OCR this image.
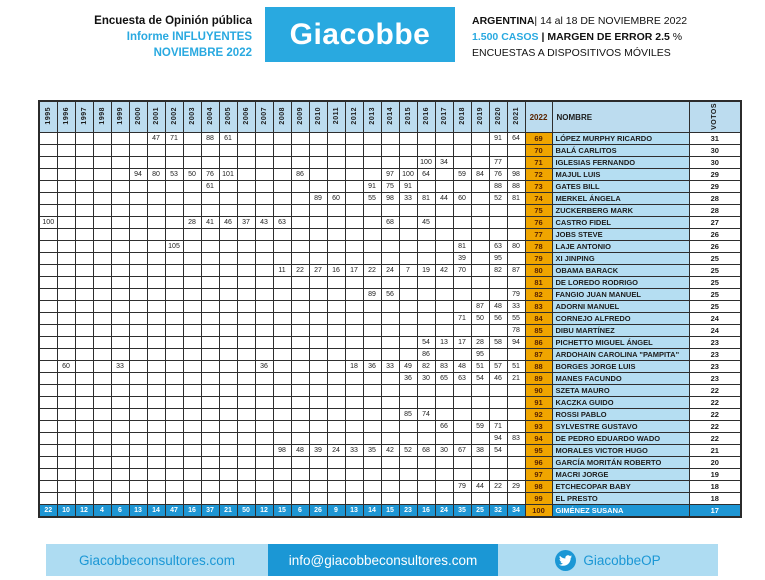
Encuesta de Opinión pública
Informe INFLUYENTES
NOVIEMBRE 2022
Giacobbe	ARGENTINA| 14 al 18 DE NOVIEMBRE 2022
1.500 CASOS | MARGEN DE ERROR 2.5 %
ENCUESTAS A DISPOSITIVOS MÓVILES
1995	1996	1997	1998	1999	2000	2001	2002	2003	2004	2005	2006	2007	2008	2009	2010	2011	2012	2013	2014	2015	2016	2017	2018	2019	2020	2021	2022	NOMBRE	VOTOS
						47	71		88	61															91	64	69	LÓPEZ MURPHY RICARDO	31
																											70	BALÁ CARLITOS	30
																					100	34			77		71	IGLESIAS FERNANDO	30
					94	80	53	50	76	101				86					97	100	64		59	84	76	98	72	MAJUL LUIS	29
									61									91	75	91					88	88	73	GATES BILL	29
															89	60		55	98	33	81	44	60		52	81	74	MERKEL ÁNGELA	28
																											75	ZUCKERBERG MARK	28
100								28	41	46	37	43	63						68		45						76	CASTRO FIDEL	27
																											77	JOBS STEVE	26
							105																81		63	80	78	LAJE ANTONIO	26
																							39		95		79	XI JINPING	25
													11	22	27	16	17	22	24	7	19	42	70		82	87	80	OBAMA BARACK	25
																											81	DE LOREDO RODRIGO	25
																		89	56							79	82	FANGIO JUAN MANUEL	25
																								87	48	33	83	ADORNI MANUEL	25
																							71	50	56	55	84	CORNEJO ALFREDO	24
																										78	85	DIBU MARTÍNEZ	24
																					54	13	17	28	58	94	86	PICHETTO MIGUEL ÁNGEL	23
																					86			95			87	ARDOHAIN CAROLINA "PAMPITA"	23
	60			33								36					18	36	33	49	82	83	48	51	57	51	88	BORGES JORGE LUIS	23
																				36	30	65	63	54	46	21	89	MANES FACUNDO	23
																											90	SZETA MAURO	22
																											91	KACZKA GUIDO	22
																				85	74						92	ROSSI PABLO	22
																						66		59	71		93	SYLVESTRE GUSTAVO	22
																									94	83	94	DE PEDRO EDUARDO WADO	22
													98	48	39	24	33	35	42	52	68	30	67	38	54		95	MORALES VICTOR HUGO	21
																											96	GARCÍA MORITÁN ROBERTO	20
																											97	MACRI JORGE	19
																							79	44	22	29	98	ETCHECOPAR BABY	18
																											99	EL PRESTO	18
22	10	12	4	6	13	14	47	16	37	21	50	12	15	6	26	9	13	14	15	23	16	24	35	25	32	34	100	GIMÉNEZ SUSANA	17
Giacobbeconsultores.com	info@giacobbeconsultores.com	GiacobbeOP
